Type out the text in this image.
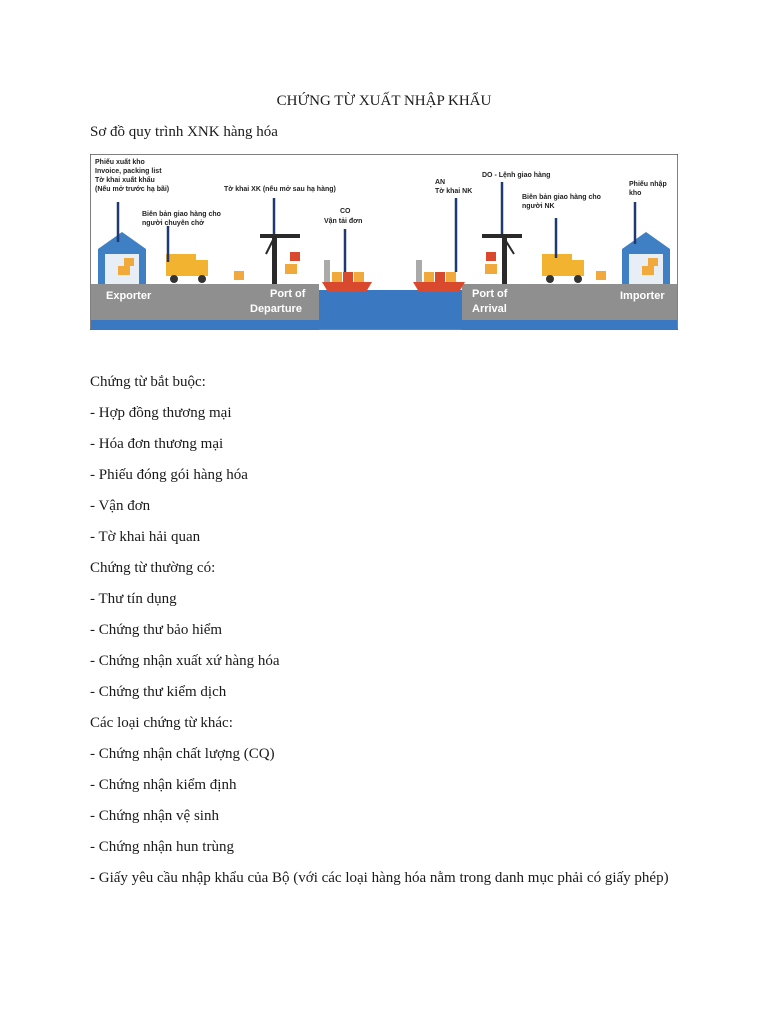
CHỨNG TỪ XUẤT NHẬP KHẨU
Sơ đồ quy trình XNK hàng hóa
Phiếu xuất kho
Invoice, packing list
Tờ khai xuất khẩu
(Nếu mở trước hạ bãi)
Biên bản giao hàng cho
người chuyên chở
Tờ khai XK (nếu mở sau hạ hàng)
CO
Vận tải đơn
AN
Tờ khai NK
DO - Lệnh giao hàng
Biên bản giao hàng cho
người NK
Phiếu nhập
kho
Exporter	Port of
Departure
Port of
Arrival
Importer
Chứng từ bắt buộc:
- Hợp đồng thương mại
- Hóa đơn thương mại
- Phiếu đóng gói hàng hóa
- Vận đơn
- Tờ khai hải quan
Chứng từ thường có:
- Thư tín dụng
- Chứng thư bảo hiểm
- Chứng nhận xuất xứ hàng hóa
- Chứng thư kiểm dịch
Các loại chứng từ khác:
- Chứng nhận chất lượng (CQ)
- Chứng nhận kiểm định
- Chứng nhận vệ sinh
- Chứng nhận hun trùng
- Giấy yêu cầu nhập khẩu của Bộ (với các loại hàng hóa nằm trong danh mục phải có giấy phép)
